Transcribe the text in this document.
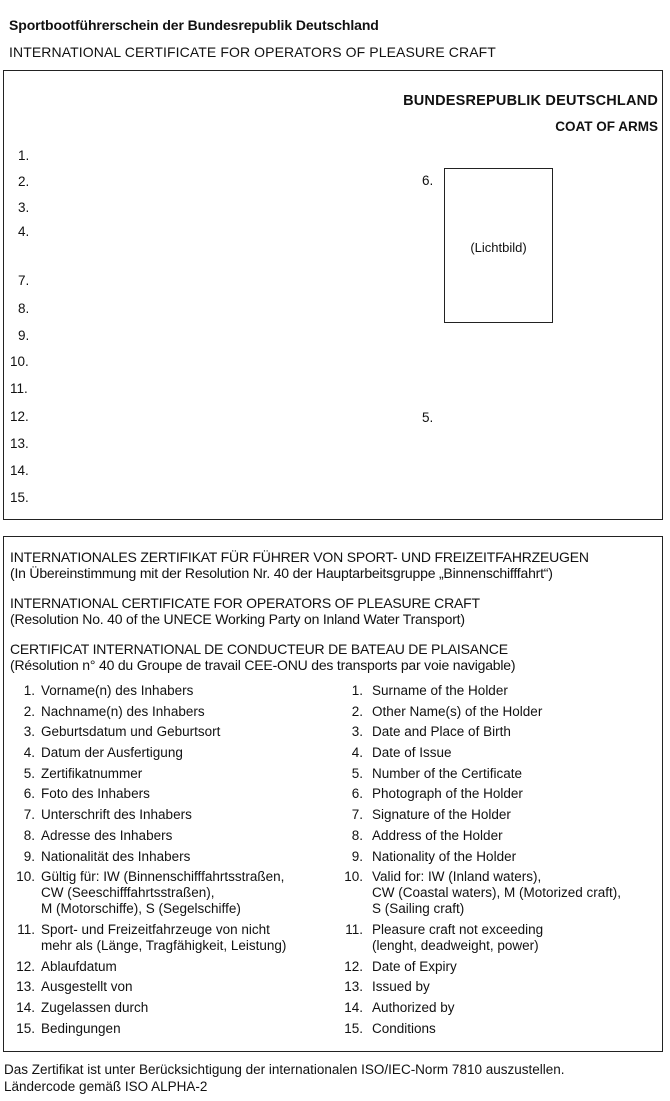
Sportbootführerschein der Bundesrepublik Deutschland
INTERNATIONAL CERTIFICATE FOR OPERATORS OF PLEASURE CRAFT
BUNDESREPUBLIK DEUTSCHLAND
COAT OF ARMS
1.
2.
3.
4.
7.
8.
9.
10.
11.
12.
13.
14.
15.
6.
(Lichtbild)
5.
INTERNATIONALES ZERTIFIKAT FÜR FÜHRER VON SPORT- UND FREIZEITFAHRZEUGEN
(In Übereinstimmung mit der Resolution Nr. 40 der Hauptarbeitsgruppe „Binnenschifffahrt“)
INTERNATIONAL CERTIFICATE FOR OPERATORS OF PLEASURE CRAFT
(Resolution No. 40 of the UNECE Working Party on Inland Water Transport)
CERTIFICAT INTERNATIONAL DE CONDUCTEUR DE BATEAU DE PLAISANCE
(Résolution n° 40 du Groupe de travail CEE-ONU des transports par voie navigable)
1. Vorname(n) des Inhabers
2. Nachname(n) des Inhabers
3. Geburtsdatum und Geburtsort
4. Datum der Ausfertigung
5. Zertifikatnummer
6. Foto des Inhabers
7. Unterschrift des Inhabers
8. Adresse des Inhabers
9. Nationalität des Inhabers
10. Gültig für: IW (Binnenschifffahrtsstraßen,
CW (Seeschifffahrtsstraßen),
M (Motorschiffe), S (Segelschiffe)
11. Sport- und Freizeitfahrzeuge von nicht
mehr als (Länge, Tragfähigkeit, Leistung)
12. Ablaufdatum
13. Ausgestellt von
14. Zugelassen durch
15. Bedingungen
1. Surname of the Holder
2. Other Name(s) of the Holder
3. Date and Place of Birth
4. Date of Issue
5. Number of the Certificate
6. Photograph of the Holder
7. Signature of the Holder
8. Address of the Holder
9. Nationality of the Holder
10. Valid for: IW (Inland waters),
CW (Coastal waters), M (Motorized craft),
S (Sailing craft)
11. Pleasure craft not exceeding
(lenght, deadweight, power)
12. Date of Expiry
13. Issued by
14. Authorized by
15. Conditions
Das Zertifikat ist unter Berücksichtigung der internationalen ISO/IEC-Norm 7810 auszustellen.
Ländercode gemäß ISO ALPHA-2
